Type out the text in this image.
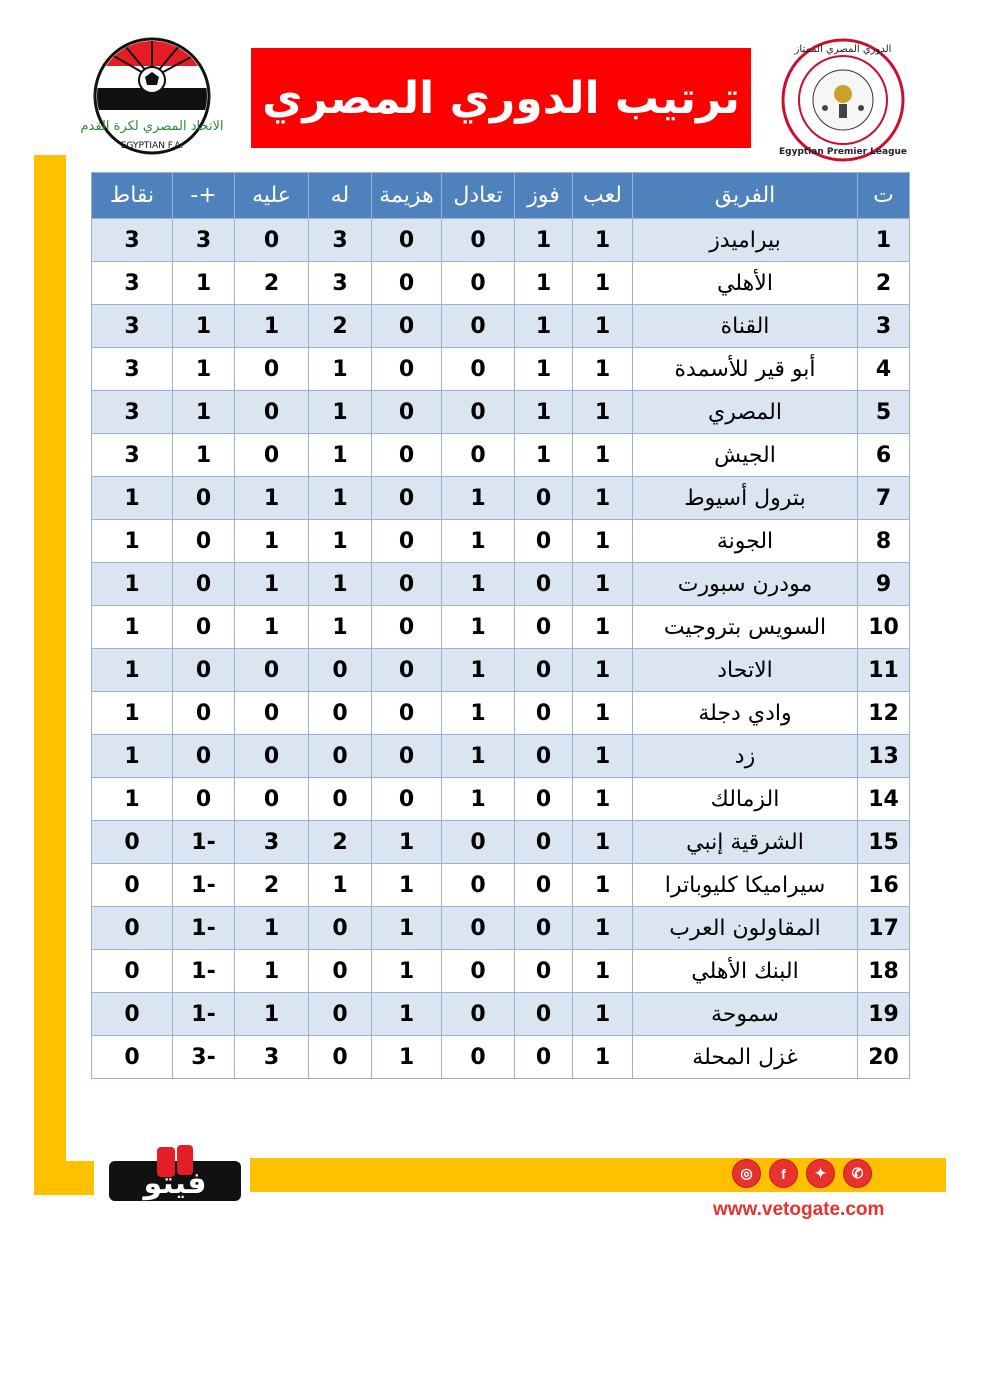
الاتحاد المصري لكرة القدم
EGYPTIAN F.A.
ترتيب الدوري المصري
الدوري المصري الممتاز
Egyptian Premier League
ت	الفريق	لعب	فوز	تعادل	هزيمة	له	عليه	+-	نقاط
1	بيراميدز	1	1	0	0	3	0	3	3
2	الأهلي	1	1	0	0	3	2	1	3
3	القناة	1	1	0	0	2	1	1	3
4	أبو قير للأسمدة	1	1	0	0	1	0	1	3
5	المصري	1	1	0	0	1	0	1	3
6	الجيش	1	1	0	0	1	0	1	3
7	بترول أسيوط	1	0	1	0	1	1	0	1
8	الجونة	1	0	1	0	1	1	0	1
9	مودرن سبورت	1	0	1	0	1	1	0	1
10	السويس بتروجيت	1	0	1	0	1	1	0	1
11	الاتحاد	1	0	1	0	0	0	0	1
12	وادي دجلة	1	0	1	0	0	0	0	1
13	زد	1	0	1	0	0	0	0	1
14	الزمالك	1	0	1	0	0	0	0	1
15	الشرقية إنبي	1	0	0	1	2	3	1-	0
16	سيراميكا كليوباترا	1	0	0	1	1	2	1-	0
17	المقاولون العرب	1	0	0	1	0	1	1-	0
18	البنك الأهلي	1	0	0	1	0	1	1-	0
19	سموحة	1	0	0	1	0	1	1-	0
20	غزل المحلة	1	0	0	1	0	3	3-	0
فيتو	◎	f	✦	✆
www.vetogate.com
